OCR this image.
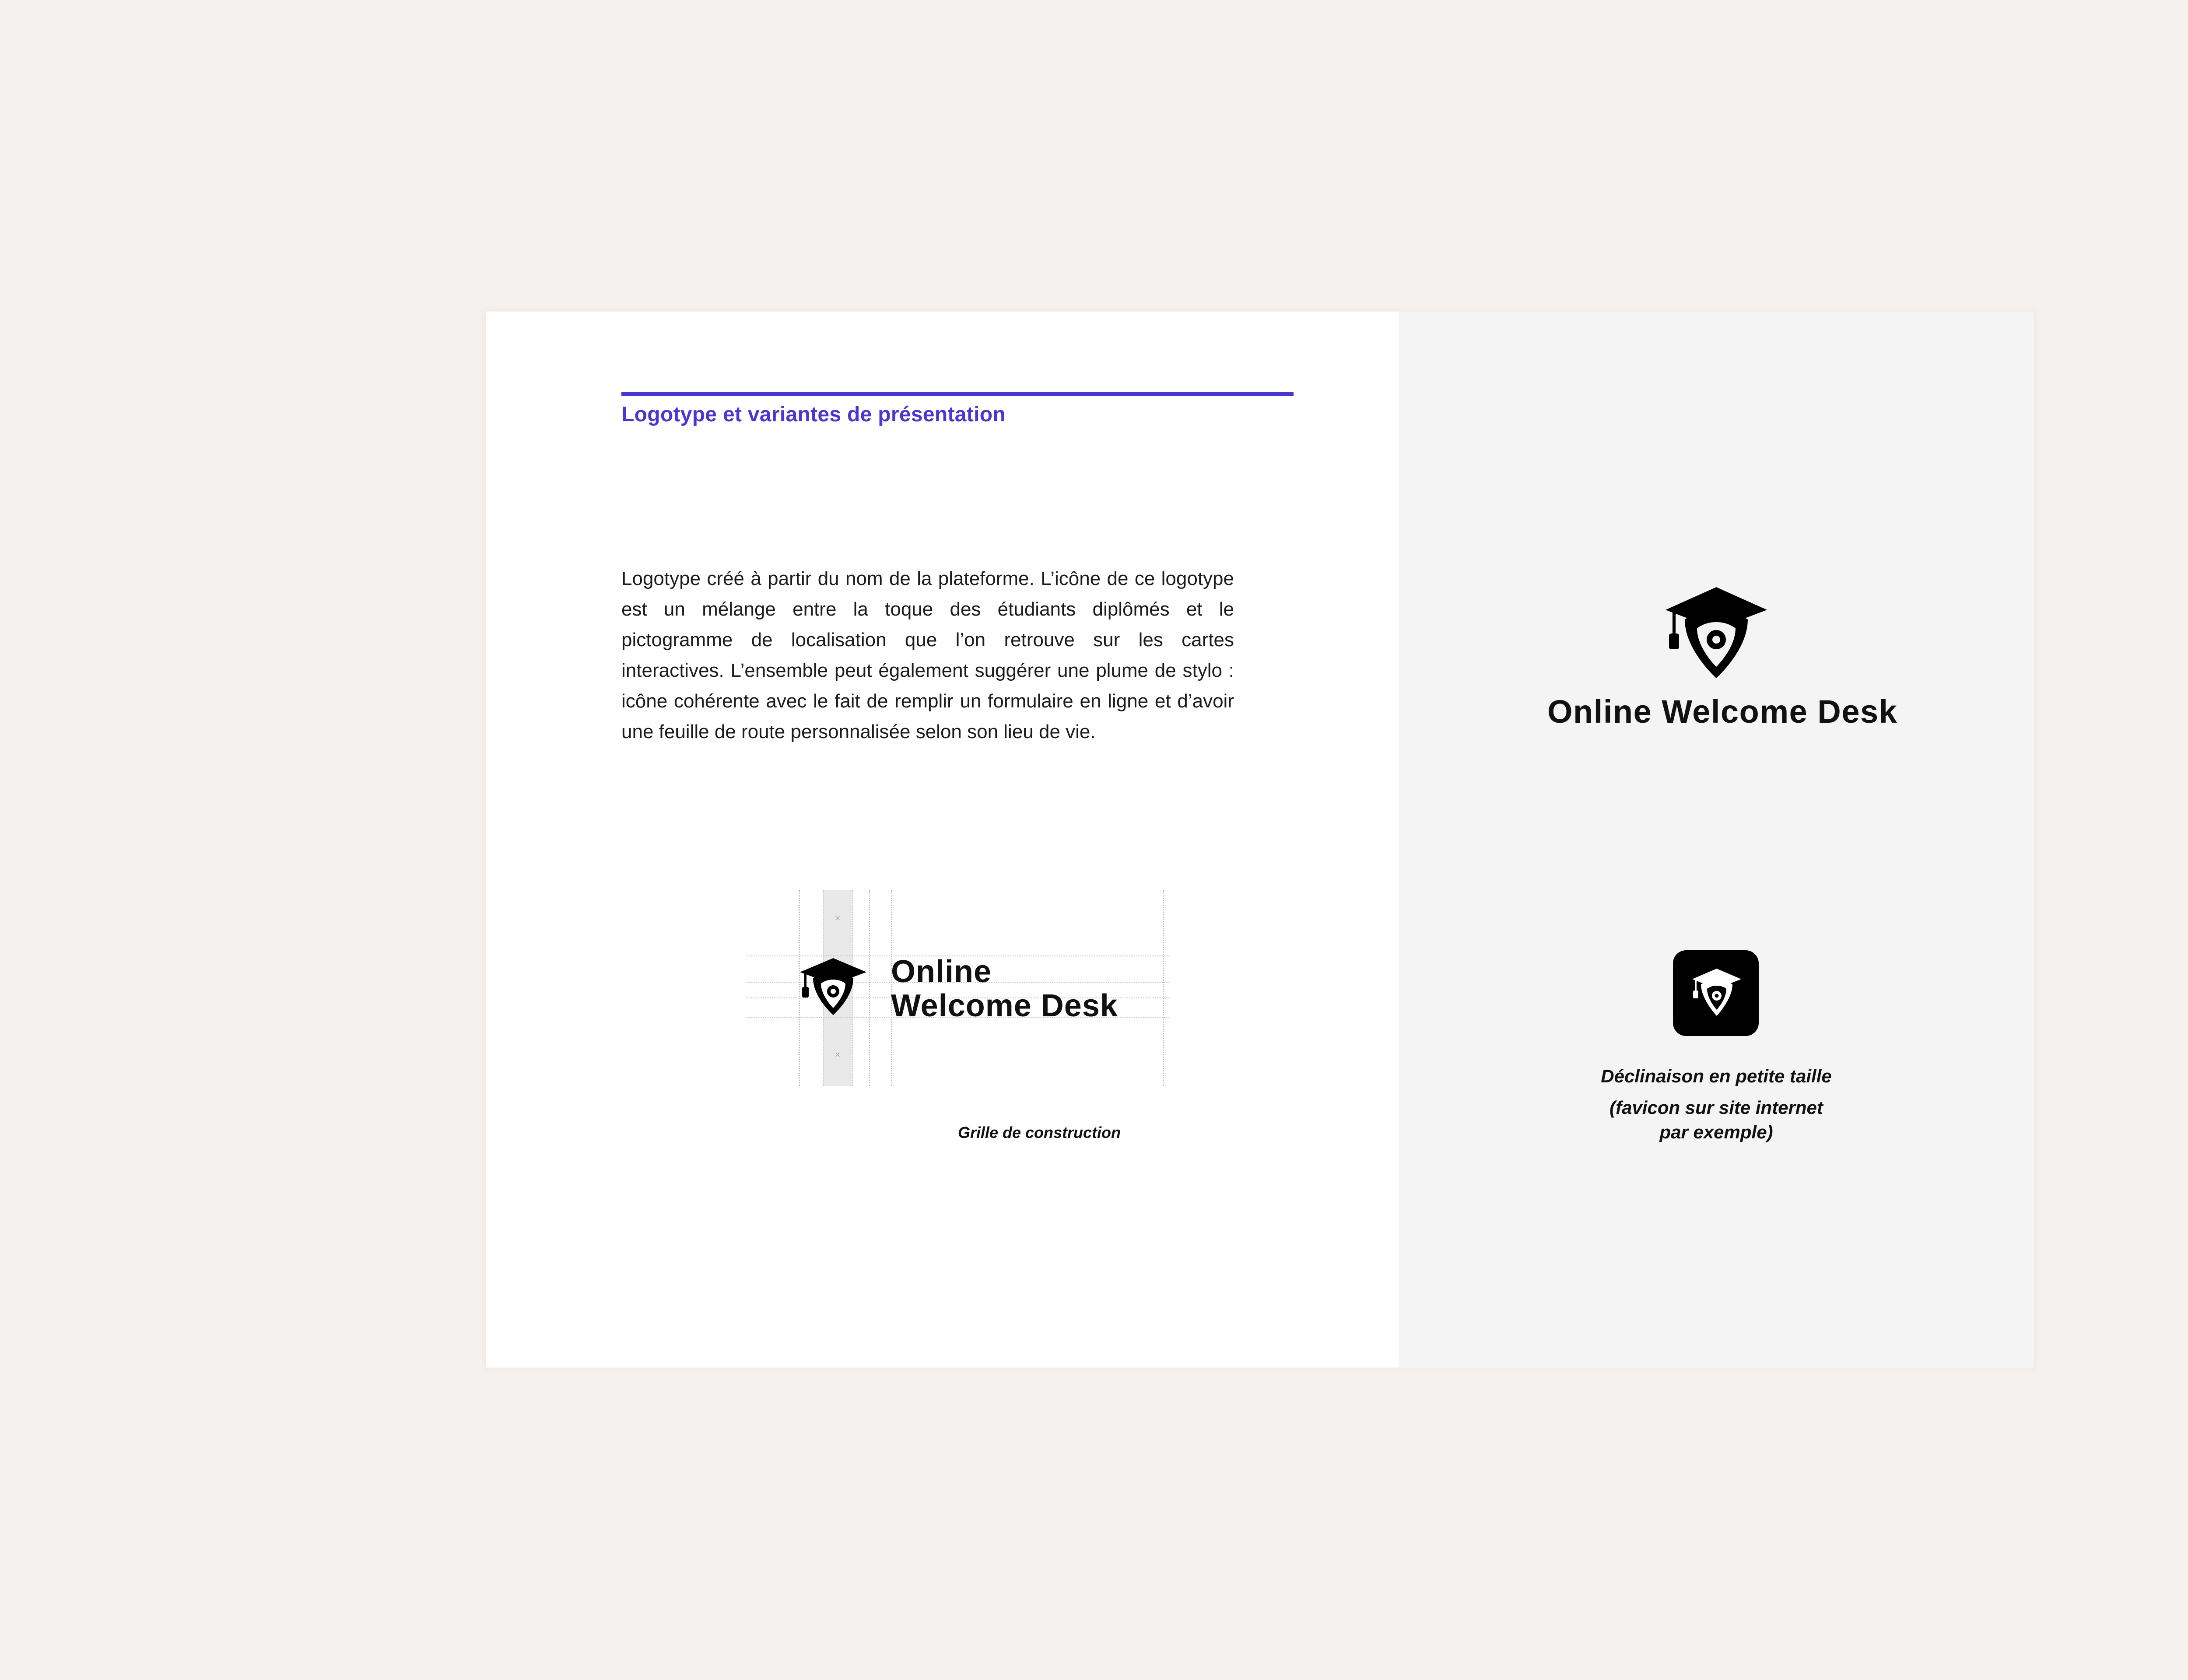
Logotype et variantes de présentation

Logotype créé à partir du nom de la plateforme. L’icône de ce logotype est un mélange entre la toque des étudiants diplômés et le pictogramme de localisation que l’on retrouve sur les cartes interactives. L’ensemble peut également suggérer une plume de stylo : icône cohérente avec le fait de remplir un formulaire en ligne et d’avoir une feuille de route personnalisée selon son lieu de vie.

×
×
Online
Welcome Desk
Grille de construction
Online Welcome Desk
Déclinaison en petite taille
(favicon sur site internet
par exemple)
